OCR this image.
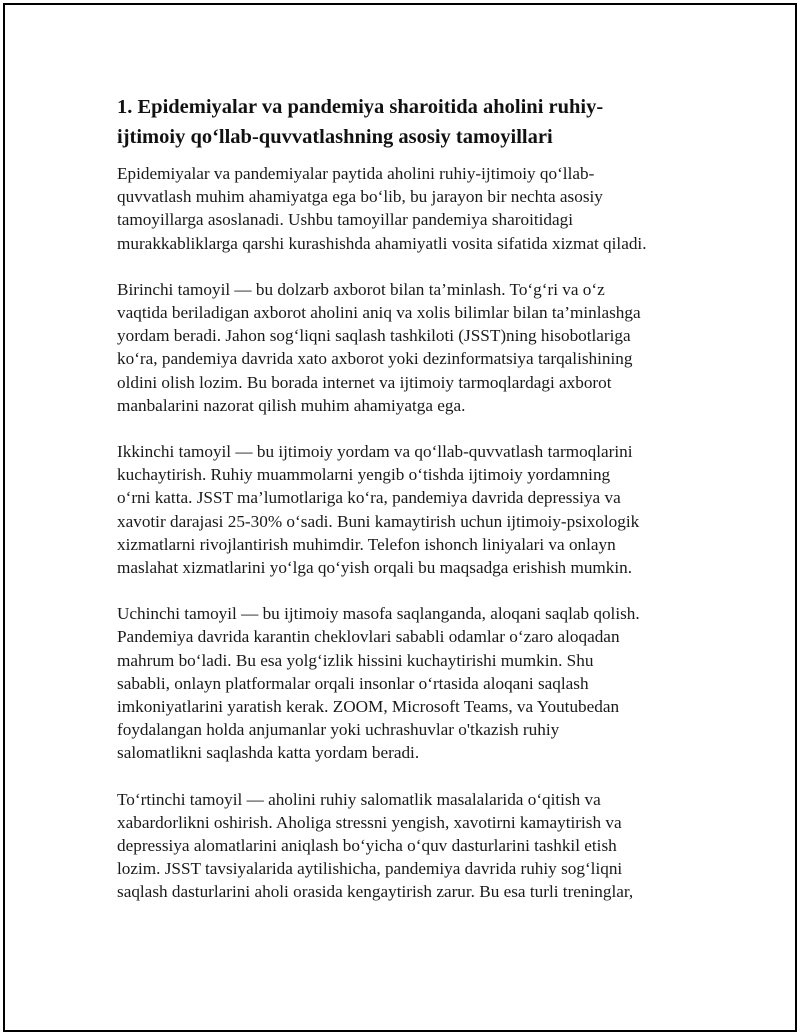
1. Epidemiyalar va pandemiya sharoitida aholini ruhiy-
ijtimoiy qo‘llab-quvvatlashning asosiy tamoyillari

Epidemiyalar va pandemiyalar paytida aholini ruhiy-ijtimoiy qo‘llab-
quvvatlash muhim ahamiyatga ega bo‘lib, bu jarayon bir nechta asosiy
tamoyillarga asoslanadi. Ushbu tamoyillar pandemiya sharoitidagi
murakkabliklarga qarshi kurashishda ahamiyatli vosita sifatida xizmat qiladi.

Birinchi tamoyil — bu dolzarb axborot bilan ta’minlash. To‘g‘ri va o‘z
vaqtida beriladigan axborot aholini aniq va xolis bilimlar bilan ta’minlashga
yordam beradi. Jahon sog‘liqni saqlash tashkiloti (JSST)ning hisobotlariga
ko‘ra, pandemiya davrida xato axborot yoki dezinformatsiya tarqalishining
oldini olish lozim. Bu borada internet va ijtimoiy tarmoqlardagi axborot
manbalarini nazorat qilish muhim ahamiyatga ega.

Ikkinchi tamoyil — bu ijtimoiy yordam va qo‘llab-quvvatlash tarmoqlarini
kuchaytirish. Ruhiy muammolarni yengib o‘tishda ijtimoiy yordamning
o‘rni katta. JSST ma’lumotlariga ko‘ra, pandemiya davrida depressiya va
xavotir darajasi 25-30% o‘sadi. Buni kamaytirish uchun ijtimoiy-psixologik
xizmatlarni rivojlantirish muhimdir. Telefon ishonch liniyalari va onlayn
maslahat xizmatlarini yo‘lga qo‘yish orqali bu maqsadga erishish mumkin.

Uchinchi tamoyil — bu ijtimoiy masofa saqlanganda, aloqani saqlab qolish.
Pandemiya davrida karantin cheklovlari sababli odamlar o‘zaro aloqadan
mahrum bo‘ladi. Bu esa yolg‘izlik hissini kuchaytirishi mumkin. Shu
sababli, onlayn platformalar orqali insonlar o‘rtasida aloqani saqlash
imkoniyatlarini yaratish kerak. ZOOM, Microsoft Teams, va Youtubedan
foydalangan holda anjumanlar yoki uchrashuvlar o'tkazish ruhiy
salomatlikni saqlashda katta yordam beradi.

To‘rtinchi tamoyil — aholini ruhiy salomatlik masalalarida o‘qitish va
xabardorlikni oshirish. Aholiga stressni yengish, xavotirni kamaytirish va
depressiya alomatlarini aniqlash bo‘yicha o‘quv dasturlarini tashkil etish
lozim. JSST tavsiyalarida aytilishicha, pandemiya davrida ruhiy sog‘liqni
saqlash dasturlarini aholi orasida kengaytirish zarur. Bu esa turli treninglar,
